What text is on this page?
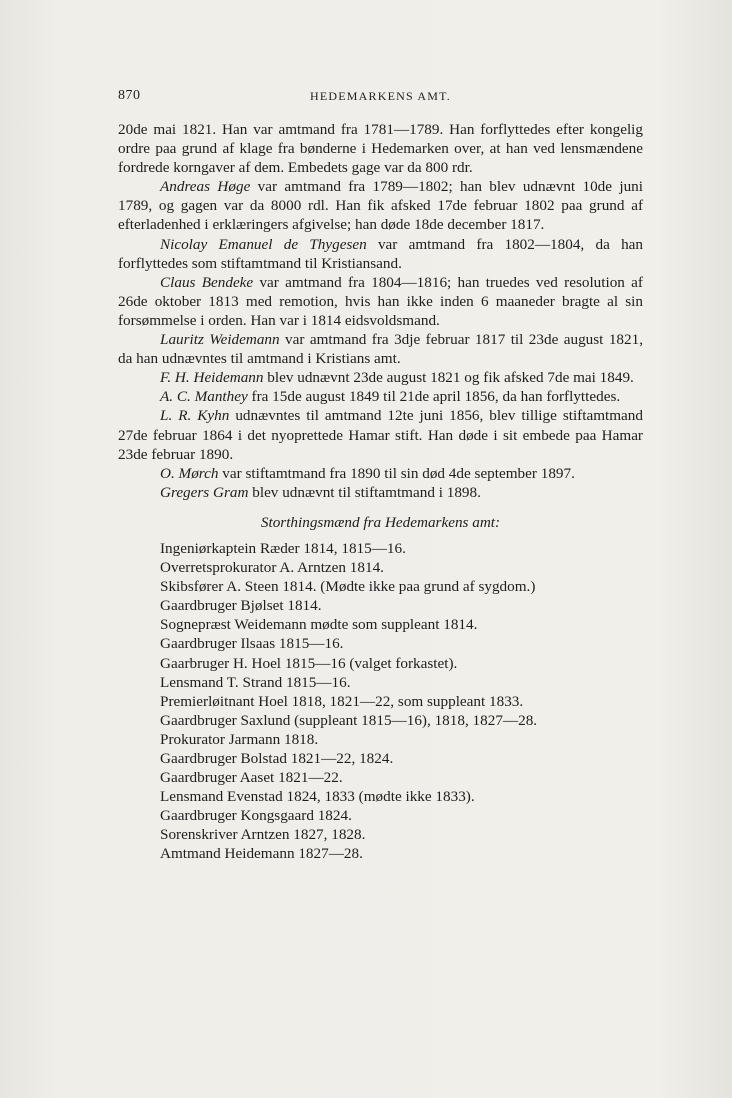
870	HEDEMARKENS AMT.

20de mai 1821. Han var amtmand fra 1781—1789. Han forflyttedes efter kongelig ordre paa grund af klage fra bønderne i Hedemarken over, at han ved lensmændene fordrede korngaver af dem. Embedets gage var da 800 rdr.

Andreas Høge var amtmand fra 1789—1802; han blev udnævnt 10de juni 1789, og gagen var da 8000 rdl. Han fik afsked 17de februar 1802 paa grund af efterladenhed i erklæringers afgivelse; han døde 18de december 1817.

Nicolay Emanuel de Thygesen var amtmand fra 1802—1804, da han forflyttedes som stiftamtmand til Kristiansand.

Claus Bendeke var amtmand fra 1804—1816; han truedes ved resolution af 26de oktober 1813 med remotion, hvis han ikke inden 6 maaneder bragte al sin forsømmelse i orden. Han var i 1814 eidsvoldsmand.

Lauritz Weidemann var amtmand fra 3dje februar 1817 til 23de august 1821, da han udnævntes til amtmand i Kristians amt.

F. H. Heidemann blev udnævnt 23de august 1821 og fik afsked 7de mai 1849.

A. C. Manthey fra 15de august 1849 til 21de april 1856, da han forflyttedes.

L. R. Kyhn udnævntes til amtmand 12te juni 1856, blev tillige stiftamtmand 27de februar 1864 i det nyoprettede Hamar stift. Han døde i sit embede paa Hamar 23de februar 1890.

O. Mørch var stiftamtmand fra 1890 til sin død 4de september 1897.

Gregers Gram blev udnævnt til stiftamtmand i 1898.

Storthingsmænd fra Hedemarkens amt:
Ingeniørkaptein Ræder 1814, 1815—16.
Overretsprokurator A. Arntzen 1814.
Skibsfører A. Steen 1814. (Mødte ikke paa grund af sygdom.)
Gaardbruger Bjølset 1814.
Sognepræst Weidemann mødte som suppleant 1814.
Gaardbruger Ilsaas 1815—16.
Gaarbruger H. Hoel 1815—16 (valget forkastet).
Lensmand T. Strand 1815—16.
Premierløitnant Hoel 1818, 1821—22, som suppleant 1833.
Gaardbruger Saxlund (suppleant 1815—16), 1818, 1827—28.
Prokurator Jarmann 1818.
Gaardbruger Bolstad 1821—22, 1824.
Gaardbruger Aaset 1821—22.
Lensmand Evenstad 1824, 1833 (mødte ikke 1833).
Gaardbruger Kongsgaard 1824.
Sorenskriver Arntzen 1827, 1828.
Amtmand Heidemann 1827—28.
